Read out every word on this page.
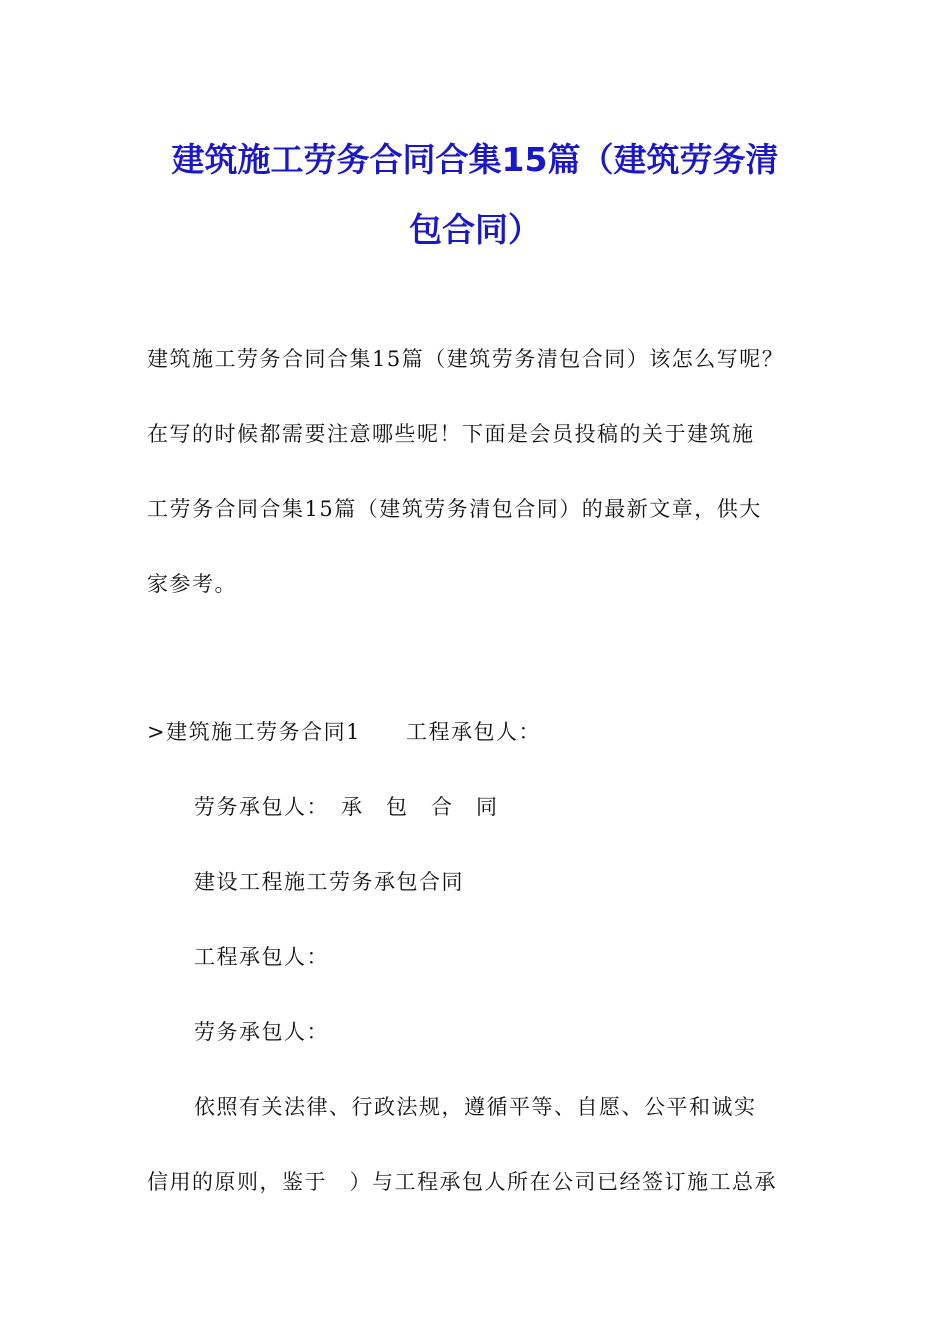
建筑施工劳务合同合集15篇（建筑劳务清
包合同）
建筑施工劳务合同合集15篇（建筑劳务清包合同）该怎么写呢？
在写的时候都需要注意哪些呢！下面是会员投稿的关于建筑施
工劳务合同合集15篇（建筑劳务清包合同）的最新文章，供大
家参考。
>建筑施工劳务合同1　　工程承包人：
劳务承包人：　承　包　合　同
建设工程施工劳务承包合同
工程承包人：
劳务承包人：
依照有关法律、行政法规，遵循平等、自愿、公平和诚实
信用的原则，鉴于　）与工程承包人所在公司已经签订施工总承
